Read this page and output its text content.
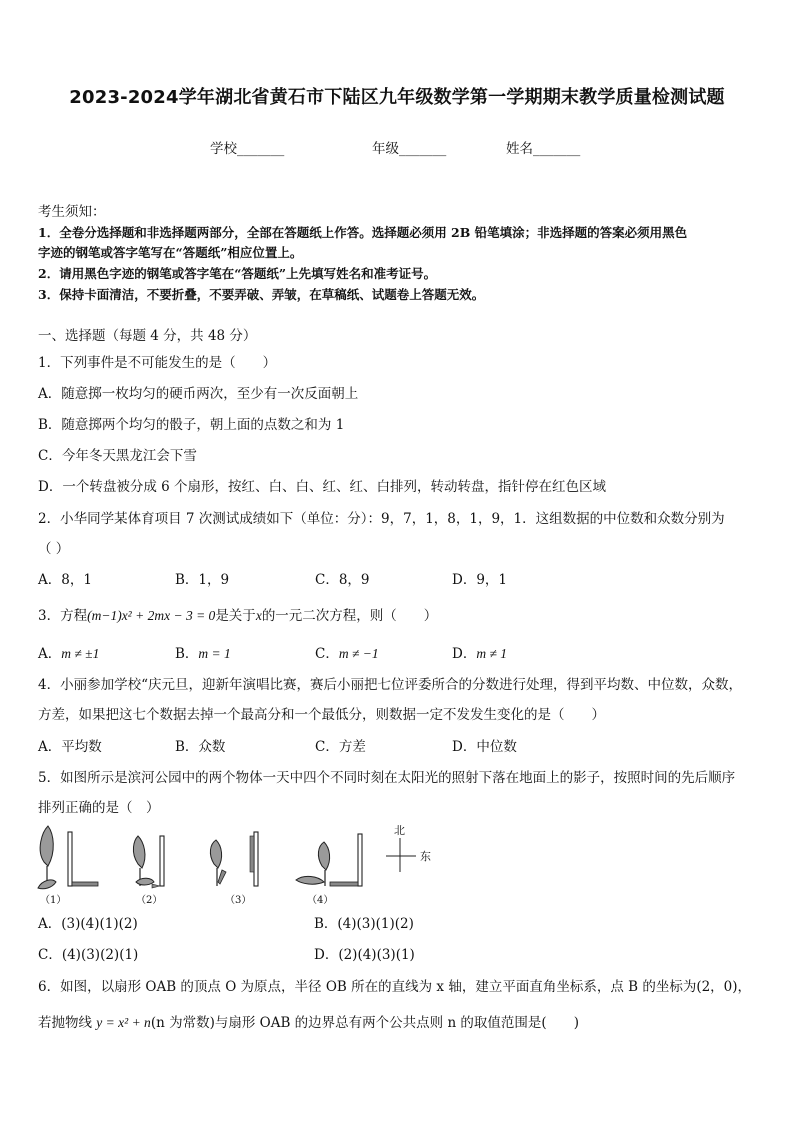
2023-2024学年湖北省黄石市下陆区九年级数学第一学期期末教学质量检测试题
学校_______	年级_______	姓名_______
考生须知：
1．全卷分选择题和非选择题两部分，全部在答题纸上作答。选择题必须用 2B 铅笔填涂；非选择题的答案必须用黑色
字迹的钢笔或答字笔写在“答题纸”相应位置上。
2．请用黑色字迹的钢笔或答字笔在“答题纸”上先填写姓名和准考证号。
3．保持卡面清洁，不要折叠，不要弄破、弄皱，在草稿纸、试题卷上答题无效。
一、选择题（每题 4 分，共 48 分）
1．下列事件是不可能发生的是（　　）
A．随意掷一枚均匀的硬币两次，至少有一次反面朝上
B．随意掷两个均匀的骰子，朝上面的点数之和为 1
C．今年冬天黑龙江会下雪
D．一个转盘被分成 6 个扇形，按红、白、白、红、红、白排列，转动转盘，指针停在红色区域
2．小华同学某体育项目 7 次测试成绩如下（单位：分）：9，7，1，8，1，9，1．这组数据的中位数和众数分别为
（ ）
A．8，1	B．1，9	C．8，9	D．9，1
3．方程(m−1)x² + 2mx − 3 = 0是关于x的一元二次方程，则（　　）
A．m ≠ ±1	B．m = 1	C．m ≠ −1	D．m ≠ 1
4．小丽参加学校“庆元旦，迎新年演唱比赛，赛后小丽把七位评委所合的分数进行处理，得到平均数、中位数，众数，
方差，如果把这七个数据去掉一个最高分和一个最低分，则数据一定不发发生变化的是（　　）
A．平均数	B．众数	C．方差	D．中位数
5．如图所示是滨河公园中的两个物体一天中四个不同时刻在太阳光的照射下落在地面上的影子，按照时间的先后顺序
排列正确的是（　）
北
东
（1）	（2）	（3）	（4）
A．(3)(4)(1)(2)	B．(4)(3)(1)(2)
C．(4)(3)(2)(1)	D．(2)(4)(3)(1)
6．如图，以扇形 OAB 的顶点 O 为原点，半径 OB 所在的直线为 x 轴，建立平面直角坐标系，点 B 的坐标为(2，0)，
若抛物线 y = x² + n(n 为常数)与扇形 OAB 的边界总有两个公共点则 n 的取值范围是(　　)
